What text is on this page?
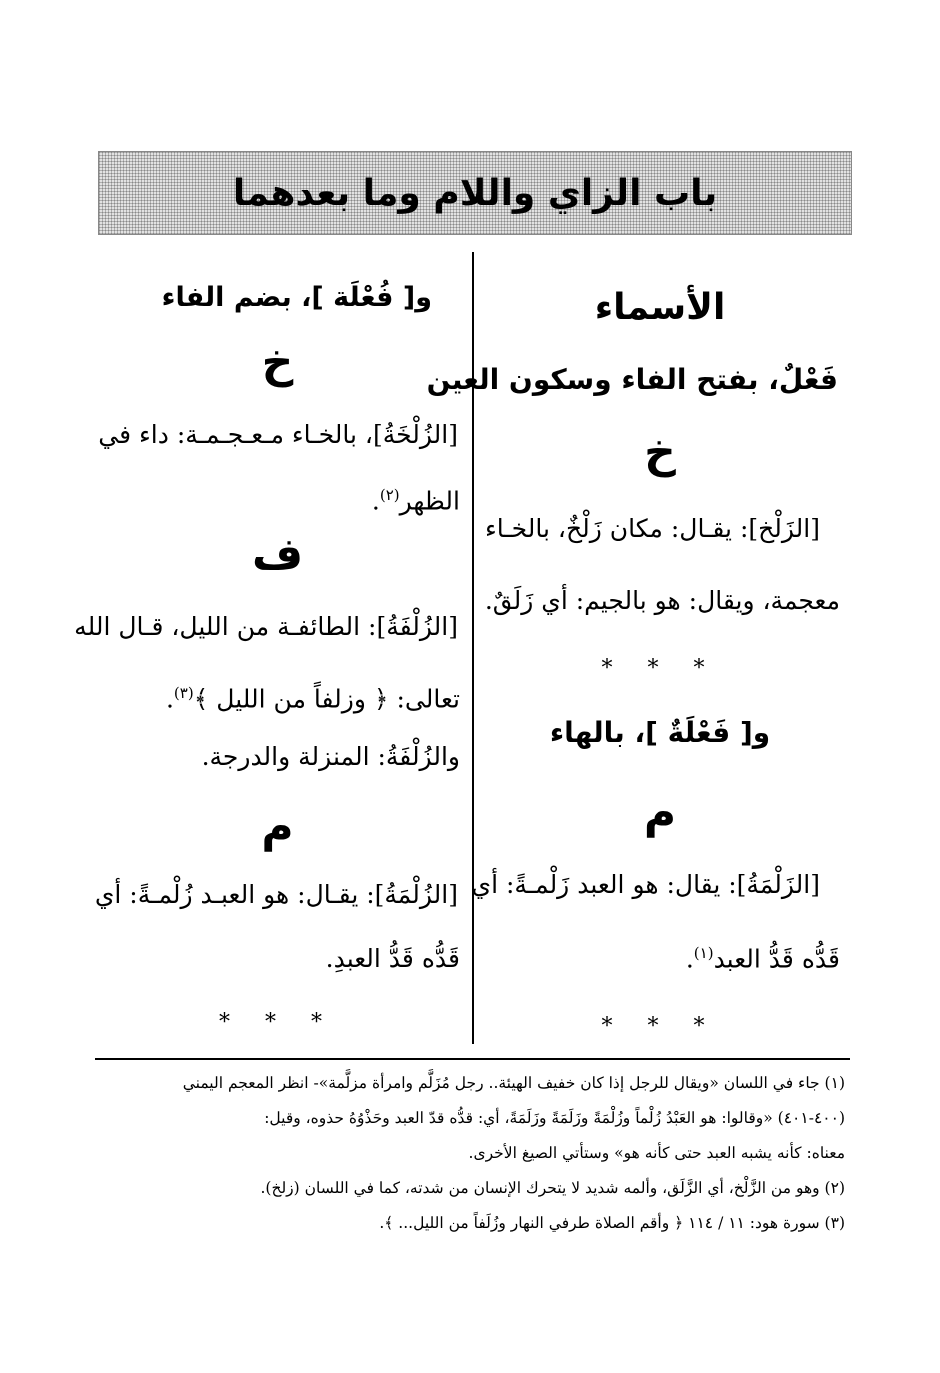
باب الزاي واللام وما بعدهما
الأسماء
فَعْلٌ، بفتح الفاء وسكون العين
خ
[الزَلْخ]: يقـال: مكان زَلْخٌ، بالخـاء
معجمة، ويقال: هو بالجيم: أي زَلَقٌ.
* * *
و[ فَعْلَةٌ ]، بالهاء
م
[الزَلْمَةُ]: يقال: هو العبد زَلْمـةً: أي
قَدُّه قَدُّ العبد$^{(١)}$.
* * *
و[ فُعْلَة ]، بضم الفاء
خ
[الزُلْخَةُ]، بالخـاء مـعـجـمـة: داء في
الظهر$^{(٢)}$.
ف
[الزُلْفَةُ]: الطائفـة من الليل، قـال الله
تعالى: ﴿ وزلفاً من الليل ﴾$^{(٣)}$.
والزُلْفَةُ: المنزلة والدرجة.
م
[الزُلْمَةُ]: يقـال: هو العبـد زُلْمـةً: أي
قَدُّه قَدُّ العبدِ.
* * *
(١) جاء في اللسان «ويقال للرجل إذا كان خفيف الهيئة.. رجل مُزَلَّم وامرأة مزلَّمة»- انظر المعجم اليمني
(٤٠٠-٤٠١) «وقالوا: هو العَبْدُ زُلْماً وزُلْمَةً وزَلَمَةً وزَلَمَةً، أي: قدُّه قدّ العبد وحَذْوُهُ حذوه، وقيل:
معناه: كأنه يشبه العبد حتى كأنه هو» وستأتي الصيغ الأخرى.
(٢) وهو من الزَّلْخ، أي الزَّلَق، وألمه شديد لا يتحرك الإنسان من شدته، كما في اللسان (زلخ).
(٣) سورة هود: ١١ / ١١٤ ﴿ وأقم الصلاة طرفي النهار وزُلَفاً من الليل... ﴾.
